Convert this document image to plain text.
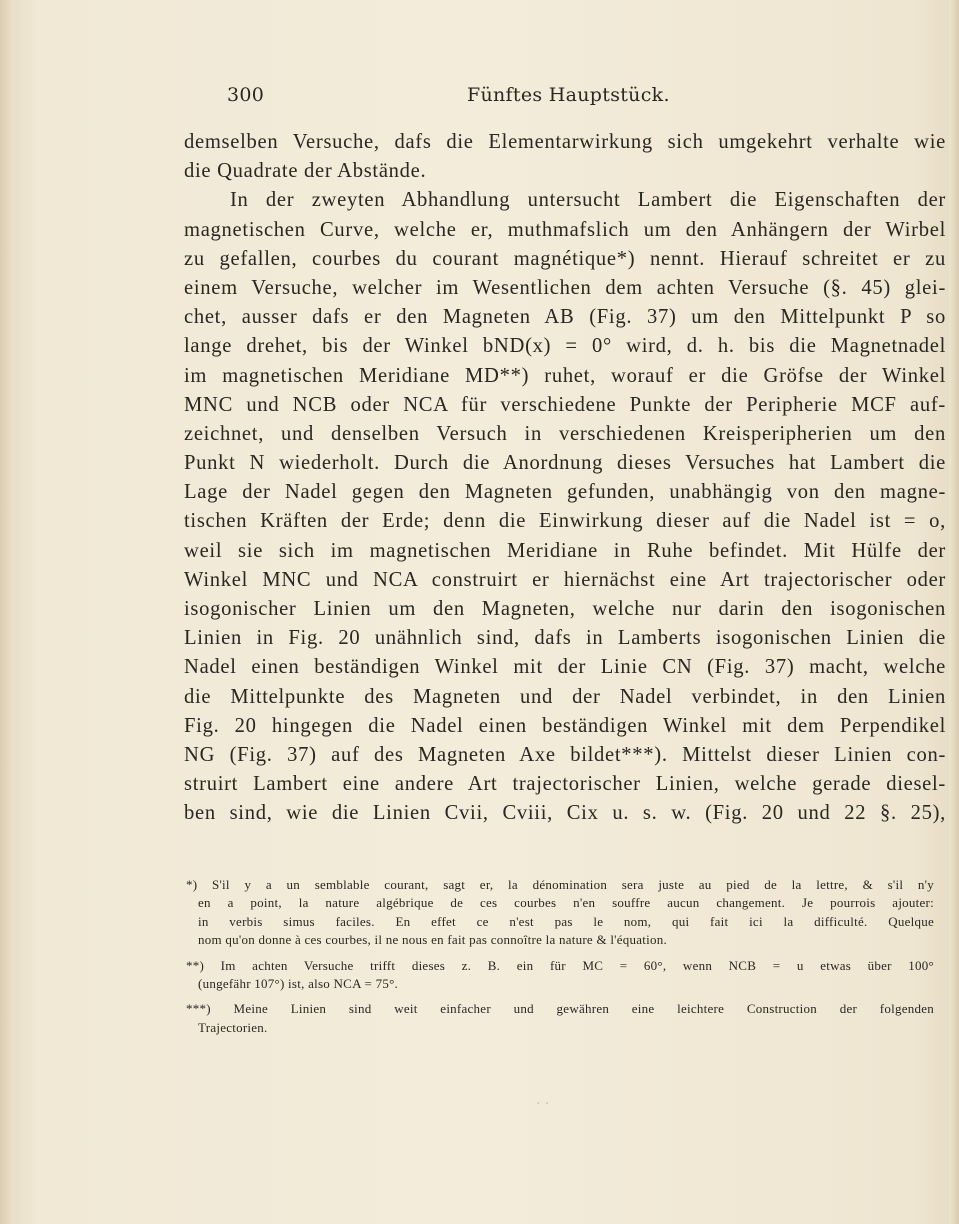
300	Fünftes Hauptstück.
demselben Versuche, dafs die Elementarwirkung sich umgekehrt verhalte wie
die Quadrate der Abstände.
In der zweyten Abhandlung untersucht Lambert die Eigenschaften der
magnetischen Curve, welche er, muthmafslich um den Anhängern der Wirbel
zu gefallen, courbes du courant magnétique*) nennt. Hierauf schreitet er zu
einem Versuche, welcher im Wesentlichen dem achten Versuche (§. 45) glei-
chet, ausser dafs er den Magneten AB (Fig. 37) um den Mittelpunkt P so
lange drehet, bis der Winkel bND(x) = 0° wird, d. h. bis die Magnetnadel
im magnetischen Meridiane MD**) ruhet, worauf er die Gröfse der Winkel
MNC und NCB oder NCA für verschiedene Punkte der Peripherie MCF auf-
zeichnet, und denselben Versuch in verschiedenen Kreisperipherien um den
Punkt N wiederholt. Durch die Anordnung dieses Versuches hat Lambert die
Lage der Nadel gegen den Magneten gefunden, unabhängig von den magne-
tischen Kräften der Erde; denn die Einwirkung dieser auf die Nadel ist = o,
weil sie sich im magnetischen Meridiane in Ruhe befindet. Mit Hülfe der
Winkel MNC und NCA construirt er hiernächst eine Art trajectorischer oder
isogonischer Linien um den Magneten, welche nur darin den isogonischen
Linien in Fig. 20 unähnlich sind, dafs in Lamberts isogonischen Linien die
Nadel einen beständigen Winkel mit der Linie CN (Fig. 37) macht, welche
die Mittelpunkte des Magneten und der Nadel verbindet, in den Linien
Fig. 20 hingegen die Nadel einen beständigen Winkel mit dem Perpendikel
NG (Fig. 37) auf des Magneten Axe bildet***). Mittelst dieser Linien con-
struirt Lambert eine andere Art trajectorischer Linien, welche gerade diesel-
ben sind, wie die Linien Cvii, Cviii, Cix u. s. w. (Fig. 20 und 22 §. 25),
*) S'il y a un semblable courant, sagt er, la dénomination sera juste au pied de la lettre, & s'il n'y
en a point, la nature algébrique de ces courbes n'en souffre aucun changement. Je pourrois ajouter:
in verbis simus faciles. En effet ce n'est pas le nom, qui fait ici la difficulté. Quelque
nom qu'on donne à ces courbes, il ne nous en fait pas connoître la nature & l'équation.
**) Im achten Versuche trifft dieses z. B. ein für MC = 60°, wenn NCB = u etwas über 100°
(ungefähr 107°) ist, also NCA = 75°.
***) Meine Linien sind weit einfacher und gewähren eine leichtere Construction der folgenden
Trajectorien.
· ·
